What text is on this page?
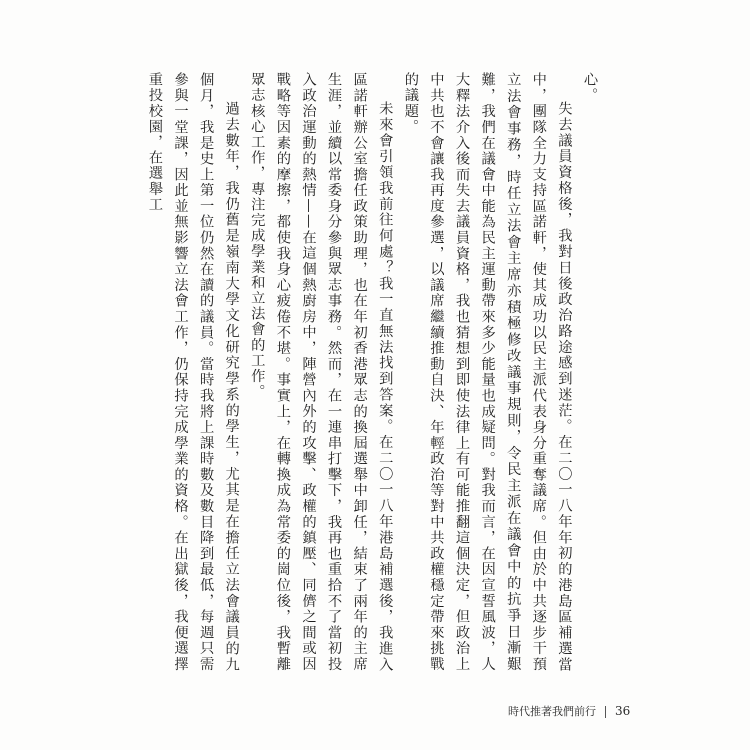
心。

失去議員資格後，我對日後政治路途感到迷茫。在二〇一八年年初的港島區補選當中，團隊全力支持區諾軒，使其成功以民主派代表身分重奪議席。但由於中共逐步干預立法會事務，時任立法會主席亦積極修改議事規則，令民主派在議會中的抗爭日漸艱難，我們在議會中能為民主運動帶來多少能量也成疑問。對我而言，在因宣誓風波，人大釋法介入後而失去議員資格，我也猜想到即使法律上有可能推翻這個決定，但政治上中共也不會讓我再度參選，以議席繼續推動自決、年輕政治等對中共政權穩定帶來挑戰的議題。

未來會引領我前往何處？我一直無法找到答案。在二〇一八年港島補選後，我進入區諾軒辦公室擔任政策助理，也在年初香港眾志的換屆選舉中卸任，結束了兩年的主席生涯，並續以常委身分參與眾志事務。然而，在一連串打擊下，我再也重拾不了當初投入政治運動的熱情——在這個熱廚房中，陣營內外的攻擊、政權的鎮壓、同儕之間或因戰略等因素的摩擦，都使我身心疲倦不堪。事實上，在轉換成為常委的崗位後，我暫離眾志核心工作，專注完成學業和立法會的工作。

過去數年，我仍舊是嶺南大學文化研究學系的學生，尤其是在擔任立法會議員的九個月，我是史上第一位仍然在讀的議員。當時我將上課時數及數目降到最低，每週只需參與一堂課，因此並無影響立法會工作，仍保持完成學業的資格。在出獄後，我便選擇重投校園，在選舉工

時代推著我們前行 36
